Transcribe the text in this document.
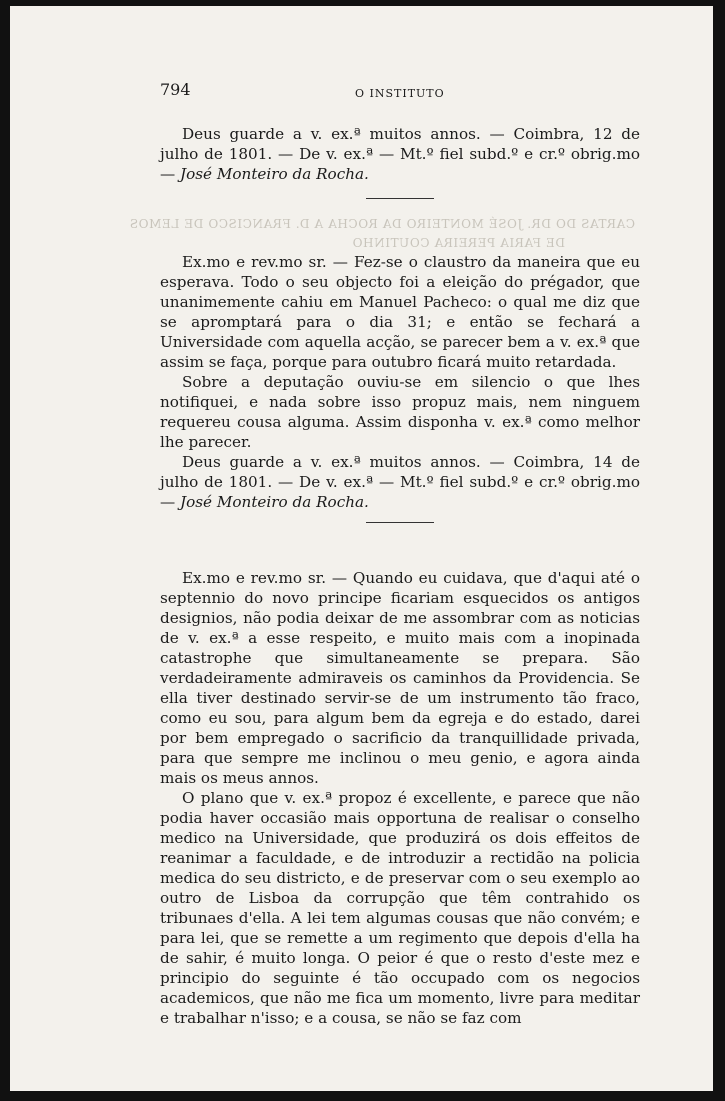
CARTAS DO DR. JOSÉ MONTEIRO DA ROCHA A D. FRANCISCO DE LEMOS
DE FARIA PEREIRA COUTINHO
794	O INSTITUTO

Deus guarde a v. ex.ª muitos annos. — Coimbra, 12 de julho de 1801. — De v. ex.ª — Mt.º fiel subd.º e cr.º obrig.mo — José Monteiro da Rocha.

Ex.mo e rev.mo sr. — Fez-se o claustro da maneira que eu esperava. Todo o seu objecto foi a eleição do prégador, que unanimemente cahiu em Manuel Pacheco: o qual me diz que se apromptará para o dia 31; e então se fechará a Universidade com aquella acção, se parecer bem a v. ex.ª que assim se faça, porque para outubro ficará muito retardada.

Sobre a deputação ouviu-se em silencio o que lhes notifiquei, e nada sobre isso propuz mais, nem ninguem requereu cousa alguma. Assim disponha v. ex.ª como melhor lhe parecer.

Deus guarde a v. ex.ª muitos annos. — Coimbra, 14 de julho de 1801. — De v. ex.ª — Mt.º fiel subd.º e cr.º obrig.mo — José Monteiro da Rocha.

Ex.mo e rev.mo sr. — Quando eu cuidava, que d'aqui até o septennio do novo principe ficariam esquecidos os antigos designios, não podia deixar de me assombrar com as noticias de v. ex.ª a esse respeito, e muito mais com a inopinada catastrophe que simultaneamente se prepara. São verdadeiramente admiraveis os caminhos da Providencia. Se ella tiver destinado servir-se de um instrumento tão fraco, como eu sou, para algum bem da egreja e do estado, darei por bem empregado o sacrificio da tranquillidade privada, para que sempre me inclinou o meu genio, e agora ainda mais os meus annos.

O plano que v. ex.ª propoz é excellente, e parece que não podia haver occasião mais opportuna de realisar o conselho medico na Universidade, que produzirá os dois effeitos de reanimar a faculdade, e de introduzir a rectidão na policia medica do seu districto, e de preservar com o seu exemplo ao outro de Lisboa da corrupção que têm contrahido os tribunaes d'ella. A lei tem algumas cousas que não convém; e para lei, que se remette a um regimento que depois d'ella ha de sahir, é muito longa. O peior é que o resto d'este mez e principio do seguinte é tão occupado com os negocios academicos, que não me fica um momento, livre para meditar e trabalhar n'isso; e a cousa, se não se faz com
